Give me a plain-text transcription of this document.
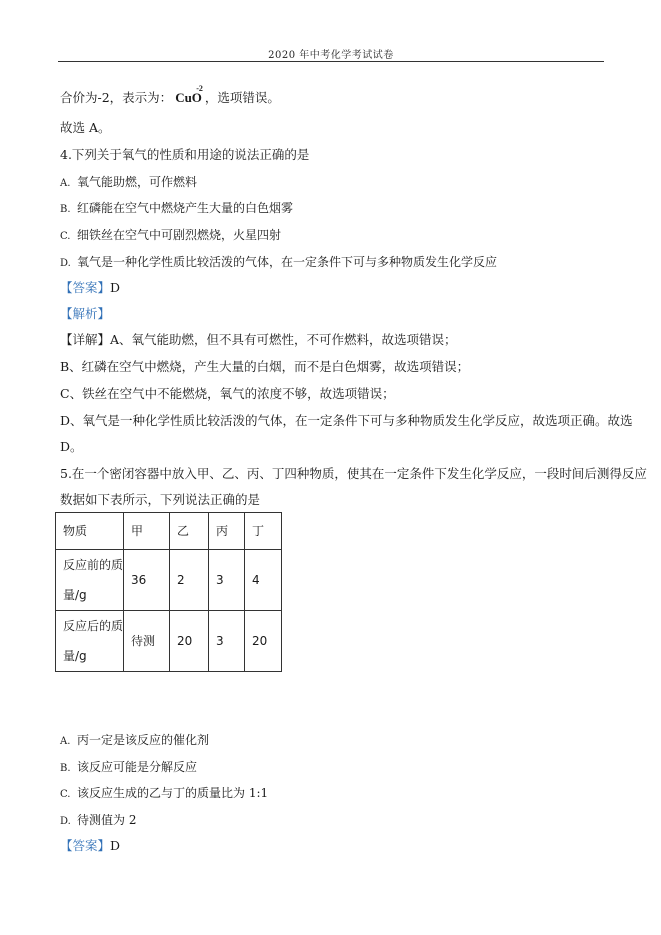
2020 年中考化学考试试卷
合价为-2，表示为： CuO
-2
，选项错误。
故选 A。
4.下列关于氧气的性质和用途的说法正确的是
A. 氧气能助燃，可作燃料
B. 红磷能在空气中燃烧产生大量的白色烟雾
C. 细铁丝在空气中可剧烈燃烧，火星四射
D. 氧气是一种化学性质比较活泼的气体，在一定条件下可与多种物质发生化学反应
【答案】D
【解析】
【详解】A、氧气能助燃，但不具有可燃性，不可作燃料，故选项错误；
B、红磷在空气中燃烧，产生大量的白烟，而不是白色烟雾，故选项错误；
C、铁丝在空气中不能燃烧，氧气的浓度不够，故选项错误；
D、氧气是一种化学性质比较活泼的气体，在一定条件下可与多种物质发生化学反应，故选项正确。故选
D。
5.在一个密闭容器中放入甲、乙、丙、丁四种物质，使其在一定条件下发生化学反应，一段时间后测得反应
数据如下表所示，下列说法正确的是
物质	甲	乙	丙	丁
反应前的质
量/g	36	2	3	4
反应后的质
量/g	待测	20	3	20
A. 丙一定是该反应的催化剂
B. 该反应可能是分解反应
C. 该反应生成的乙与丁的质量比为 1:1
D. 待测值为 2
【答案】D
